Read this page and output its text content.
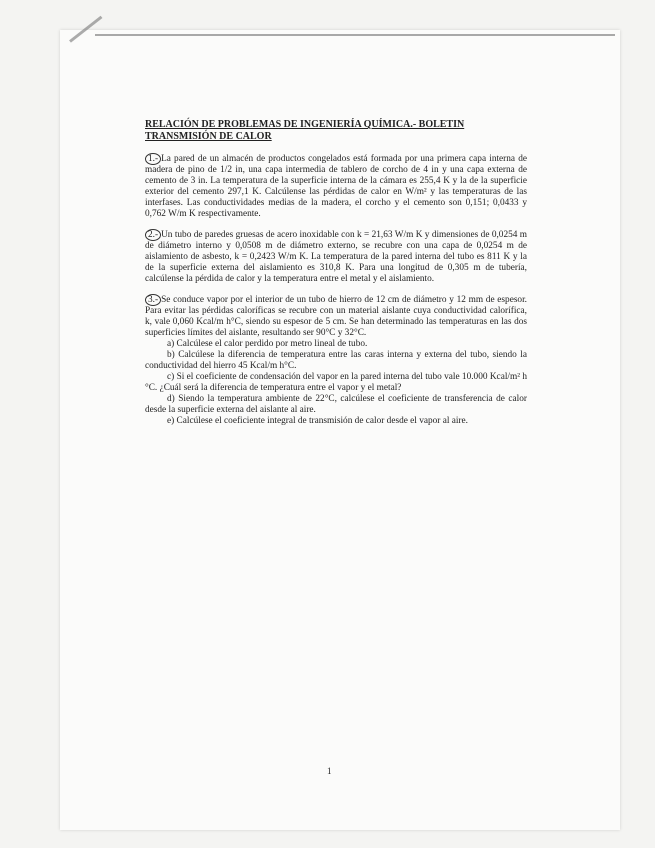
RELACIÓN DE PROBLEMAS DE INGENIERÍA QUÍMICA.- BOLETIN TRANSMISIÓN DE CALOR

1.- La pared de un almacén de productos congelados está formada por una primera capa interna de madera de pino de 1/2 in, una capa intermedia de tablero de corcho de 4 in y una capa externa de cemento de 3 in. La temperatura de la superficie interna de la cámara es 255,4 K y la de la superficie exterior del cemento 297,1 K. Calcúlense las pérdidas de calor en W/m² y las temperaturas de las interfases. Las conductividades medias de la madera, el corcho y el cemento son 0,151; 0,0433 y 0,762 W/m K respectivamente.

2.- Un tubo de paredes gruesas de acero inoxidable con k = 21,63 W/m K y dimensiones de 0,0254 m de diámetro interno y 0,0508 m de diámetro externo, se recubre con una capa de 0,0254 m de aislamiento de asbesto, k = 0,2423 W/m K. La temperatura de la pared interna del tubo es 811 K y la de la superficie externa del aislamiento es 310,8 K. Para una longitud de 0,305 m de tubería, calcúlense la pérdida de calor y la temperatura entre el metal y el aislamiento.

3.- Se conduce vapor por el interior de un tubo de hierro de 12 cm de diámetro y 12 mm de espesor. Para evitar las pérdidas caloríficas se recubre con un material aislante cuya conductividad calorífica, k, vale 0,060 Kcal/m h°C, siendo su espesor de 5 cm. Se han determinado las temperaturas en las dos superficies límites del aislante, resultando ser 90°C y 32°C.

a) Calcúlese el calor perdido por metro lineal de tubo.

b) Calcúlese la diferencia de temperatura entre las caras interna y externa del tubo, siendo la conductividad del hierro 45 Kcal/m h°C.

c) Si el coeficiente de condensación del vapor en la pared interna del tubo vale 10.000 Kcal/m² h °C. ¿Cuál será la diferencia de temperatura entre el vapor y el metal?

d) Siendo la temperatura ambiente de 22°C, calcúlese el coeficiente de transferencia de calor desde la superficie externa del aislante al aire.

e) Calcúlese el coeficiente integral de transmisión de calor desde el vapor al aire.

1
